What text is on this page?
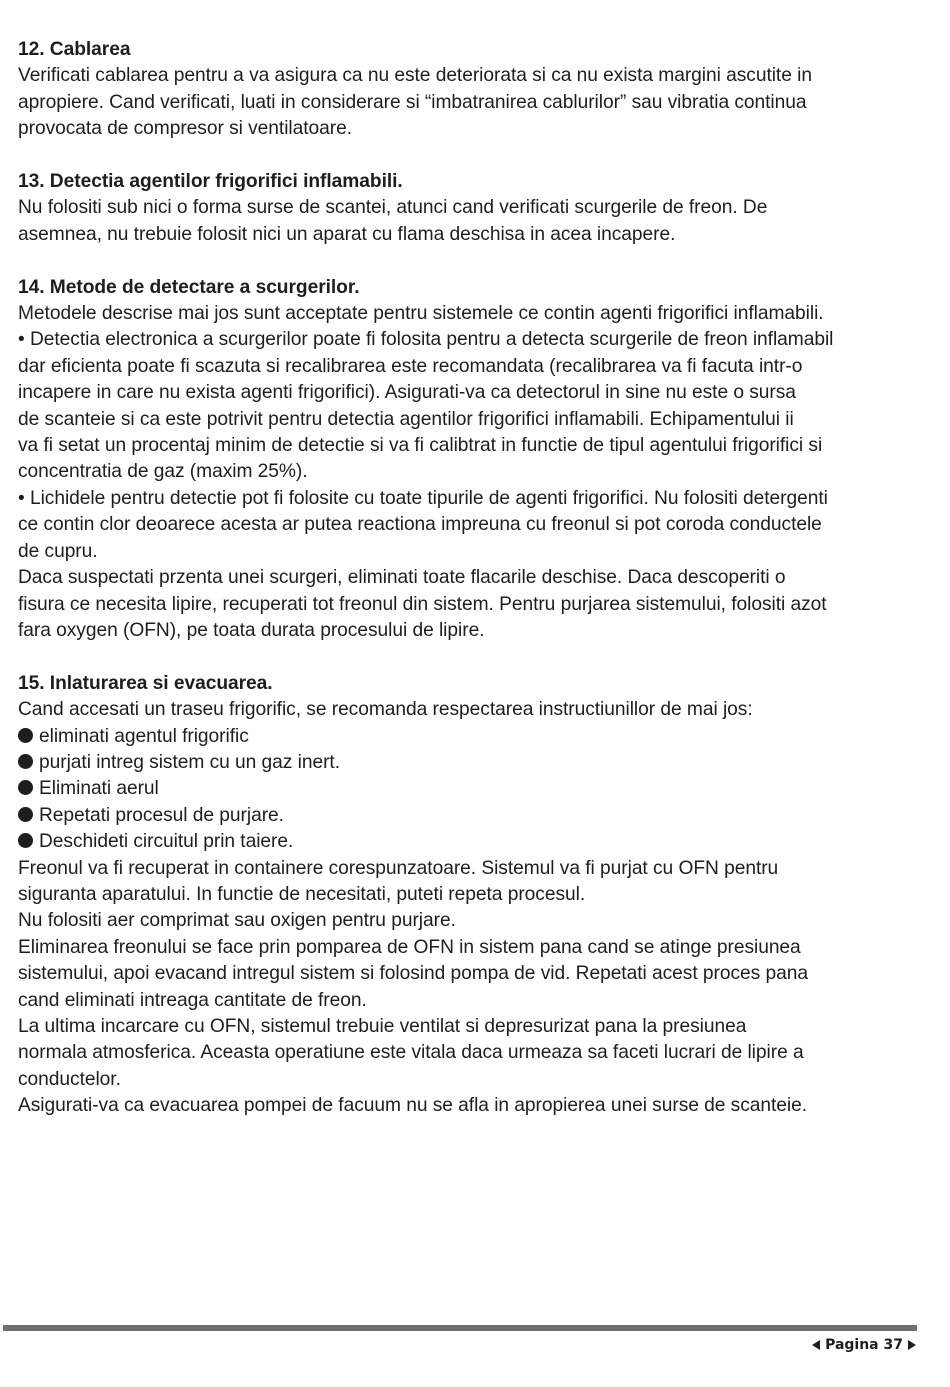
12. Cablarea
Verificati cablarea pentru a va asigura ca nu este deteriorata si ca nu exista margini ascutite in
apropiere. Cand verificati, luati in considerare si “imbatranirea cablurilor” sau vibratia continua
provocata de compresor si ventilatoare.
13. Detectia agentilor frigorifici inflamabili.
Nu folositi sub nici o forma surse de scantei, atunci cand verificati scurgerile de freon. De
asemnea, nu trebuie folosit nici un aparat cu flama deschisa in acea incapere.
14. Metode de detectare a scurgerilor.
Metodele descrise mai jos sunt acceptate pentru sistemele ce contin agenti frigorifici inflamabili.
• Detectia electronica a scurgerilor poate fi folosita pentru a detecta scurgerile de freon inflamabil
dar eficienta poate fi scazuta si recalibrarea este recomandata (recalibrarea va fi facuta intr-o
incapere in care nu exista agenti frigorifici). Asigurati-va ca detectorul in sine nu este o sursa
de scanteie si ca este potrivit pentru detectia agentilor frigorifici inflamabili. Echipamentului ii
va fi setat un procentaj minim de detectie si va fi calibtrat in functie de tipul agentului frigorifici si
concentratia de gaz (maxim 25%).
• Lichidele pentru detectie pot fi folosite cu toate tipurile de agenti frigorifici. Nu folositi detergenti
ce contin clor deoarece acesta ar putea reactiona impreuna cu freonul si pot coroda conductele
de cupru.
Daca suspectati przenta unei scurgeri, eliminati toate flacarile deschise. Daca descoperiti o
fisura ce necesita lipire, recuperati tot freonul din sistem. Pentru purjarea sistemului, folositi azot
fara oxygen (OFN), pe toata durata procesului de lipire.
15. Inlaturarea si evacuarea.
Cand accesati un traseu frigorific, se recomanda respectarea instructiunillor de mai jos:
eliminati agentul frigorific
purjati intreg sistem cu un gaz inert.
Eliminati aerul
Repetati procesul de purjare.
Deschideti circuitul prin taiere.
Freonul va fi recuperat in containere corespunzatoare. Sistemul va fi purjat cu OFN pentru
siguranta aparatului. In functie de necesitati, puteti repeta procesul.
Nu folositi aer comprimat sau oxigen pentru purjare.
Eliminarea freonului se face prin pomparea de OFN in sistem pana cand se atinge presiunea
sistemului, apoi evacand intregul sistem si folosind pompa de vid. Repetati acest proces pana
cand eliminati intreaga cantitate de freon.
La ultima incarcare cu OFN, sistemul trebuie ventilat si depresurizat pana la presiunea
normala atmosferica. Aceasta operatiune este vitala daca urmeaza sa faceti lucrari de lipire a
conductelor.
Asigurati-va ca evacuarea pompei de facuum nu se afla in apropierea unei surse de scanteie.
Pagina 37
